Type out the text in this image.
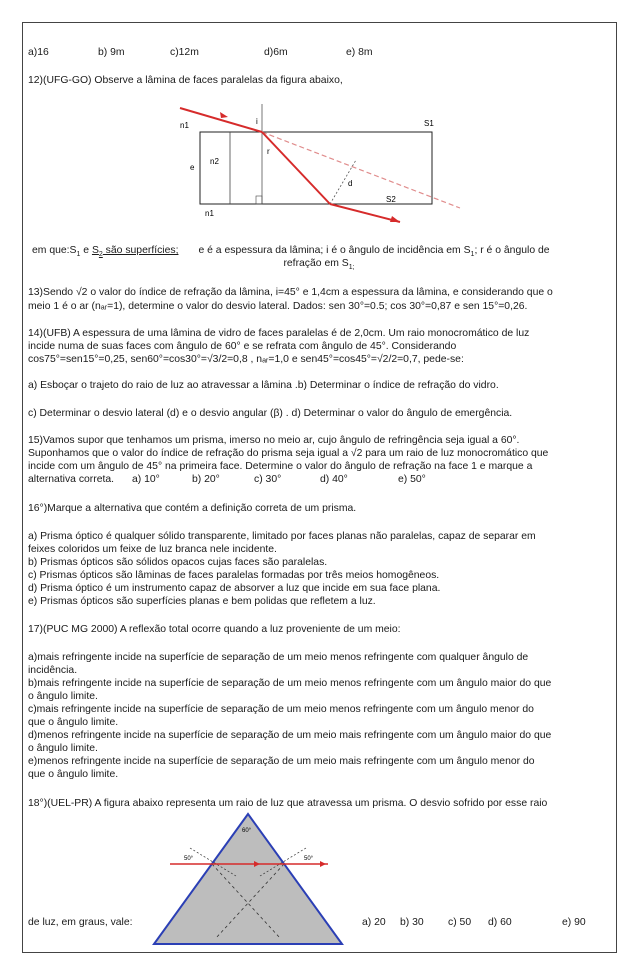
a)16	b) 9m	c)12m	d)6m	e) 8m
12)(UFG-GO) Observe a lâmina de faces paralelas da figura abaixo,
n1
n2
n1
i
r
e
d
S1
S2
em $que:S_1$ e $S_2$ são superfícies; e é a espessura da lâmina; i é o ângulo de incidência em $S_1$; r é o ângulo de
refração em $S_{1;}$
13)Sendo √2 o valor do índice de refração da lâmina, i=45° e 1,4cm a espessura da lâmina, e considerando que o
meio 1 é o ar (nₐᵣ=1), determine o valor do desvio lateral. Dados: sen 30°=0.5; cos 30°=0,87 e sen 15°=0,26.
14)(UFB) A espessura de uma lâmina de vidro de faces paralelas é de 2,0cm. Um raio monocromático de luz
incide numa de suas faces com ângulo de 60° e se refrata com ângulo de 45°. Considerando
cos75°=sen15°=0,25, sen60°=cos30°=√3/2=0,8 , nₐᵣ=1,0 e sen45°=cos45°=√2/2=0,7, pede-se:
a) Esboçar o trajeto do raio de luz ao atravessar a lâmina .b) Determinar o índice de refração do vidro.
c) Determinar o desvio lateral (d) e o desvio angular (β) . d) Determinar o valor do ângulo de emergência.
15)Vamos supor que tenhamos um prisma, imerso no meio ar, cujo ângulo de refringência seja igual a 60°.
Suponhamos que o valor do índice de refração do prisma seja igual a √2 para um raio de luz monocromático que
incide com um ângulo de 45° na primeira face. Determine o valor do ângulo de refração na face 1 e marque a
alternativa correta. a) 10°	b) 20°	c) 30°	d) 40°	e) 50°
16°)Marque a alternativa que contém a definição correta de um prisma.
a) Prisma óptico é qualquer sólido transparente, limitado por faces planas não paralelas, capaz de separar em
feixes coloridos um feixe de luz branca nele incidente.
b) Prismas ópticos são sólidos opacos cujas faces são paralelas.
c) Prismas ópticos são lâminas de faces paralelas formadas por três meios homogêneos.
d) Prisma óptico é um instrumento capaz de absorver a luz que incide em sua face plana.
e) Prismas ópticos são superfícies planas e bem polidas que refletem a luz.
17)(PUC MG 2000) A reflexão total ocorre quando a luz proveniente de um meio:
a)mais refringente incide na superfície de separação de um meio menos refringente com qualquer ângulo de
incidência.
b)mais refringente incide na superfície de separação de um meio menos refringente com um ângulo maior do que
o ângulo limite.
c)mais refringente incide na superfície de separação de um meio menos refringente com um ângulo menor do
que o ângulo limite.
d)menos refringente incide na superfície de separação de um meio mais refringente com um ângulo maior do que
o ângulo limite.
e)menos refringente incide na superfície de separação de um meio mais refringente com um ângulo menor do
que o ângulo limite.
18°)(UEL-PR) A figura abaixo representa um raio de luz que atravessa um prisma. O desvio sofrido por esse raio
60°
50°	50°
de luz, em graus, vale:	a) 20 b) 30 c) 50 d) 60	e) 90
